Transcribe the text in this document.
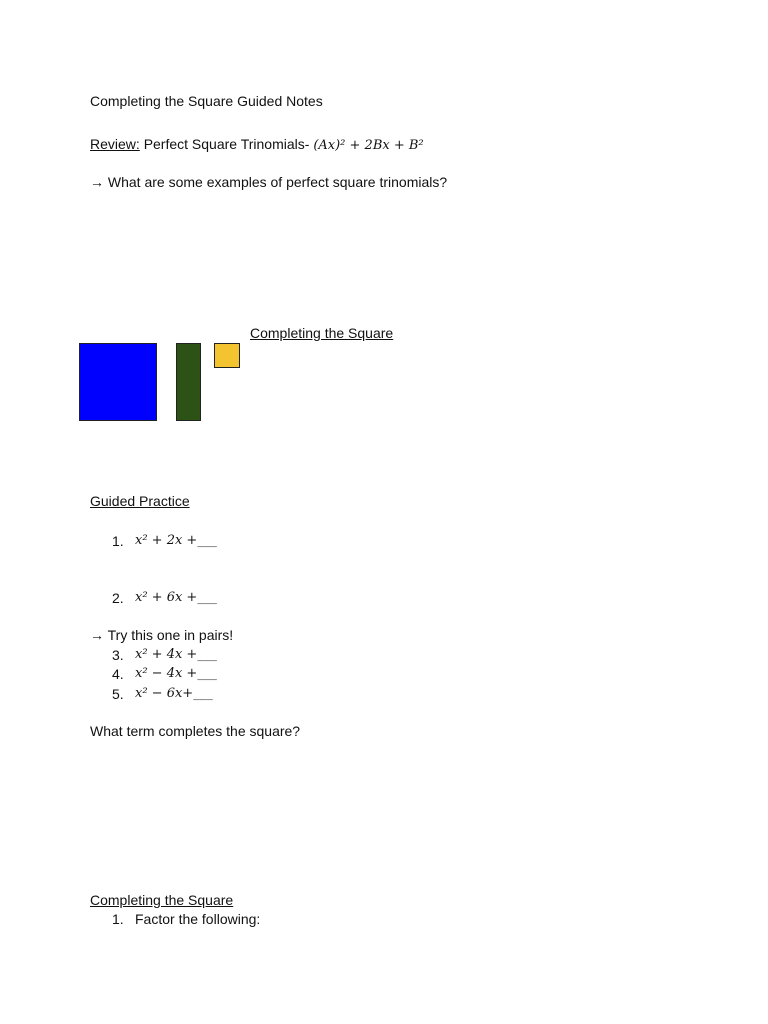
Completing the Square Guided Notes
Review: Perfect Square Trinomials- (Ax)² + 2Bx + B²
→ What are some examples of perfect square trinomials?
Completing the Square
Guided Practice
1. x² + 2x +___
2. x² + 6x +___
→ Try this one in pairs!
3. x² + 4x +___
4. x² − 4x +___
5. x² − 6x+___
What term completes the square?
Completing the Square
1. Factor the following:
